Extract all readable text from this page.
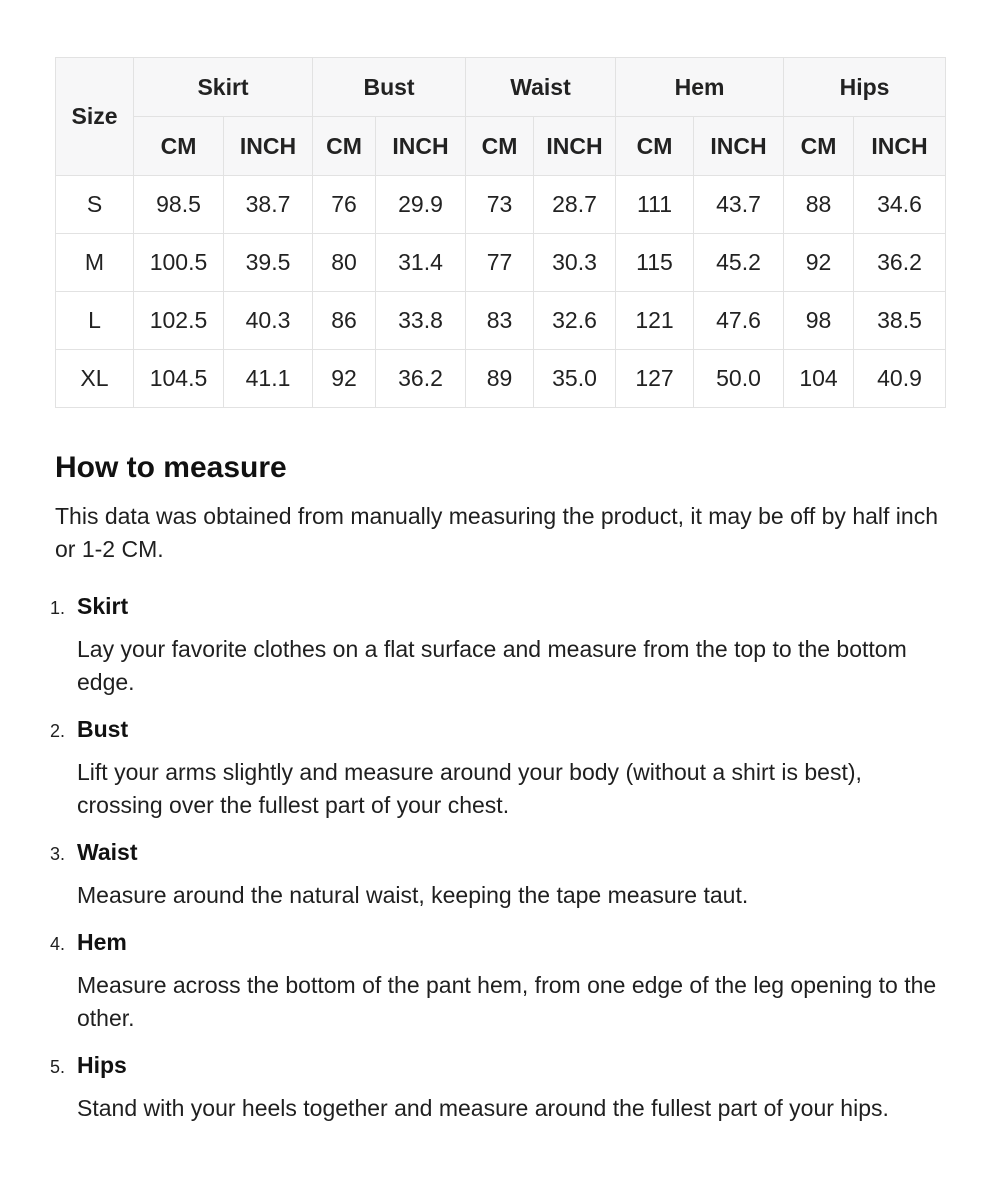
Size	Skirt		Bust		Waist		Hem		Hips	
	CM	INCH	CM	INCH	CM	INCH	CM	INCH	CM	INCH
S	98.5	38.7	76	29.9	73	28.7	111	43.7	88	34.6
M	100.5	39.5	80	31.4	77	30.3	115	45.2	92	36.2
L	102.5	40.3	86	33.8	83	32.6	121	47.6	98	38.5
XL	104.5	41.1	92	36.2	89	35.0	127	50.0	104	40.9
How to measure

This data was obtained from manually measuring the product, it may be off by half inch or 1-2 CM.

1. Skirt

Lay your favorite clothes on a flat surface and measure from the top to the bottom edge.

2. Bust

Lift your arms slightly and measure around your body (without a shirt is best), crossing over the fullest part of your chest.

3. Waist

Measure around the natural waist, keeping the tape measure taut.

4. Hem

Measure across the bottom of the pant hem, from one edge of the leg opening to the other.

5. Hips

Stand with your heels together and measure around the fullest part of your hips.
